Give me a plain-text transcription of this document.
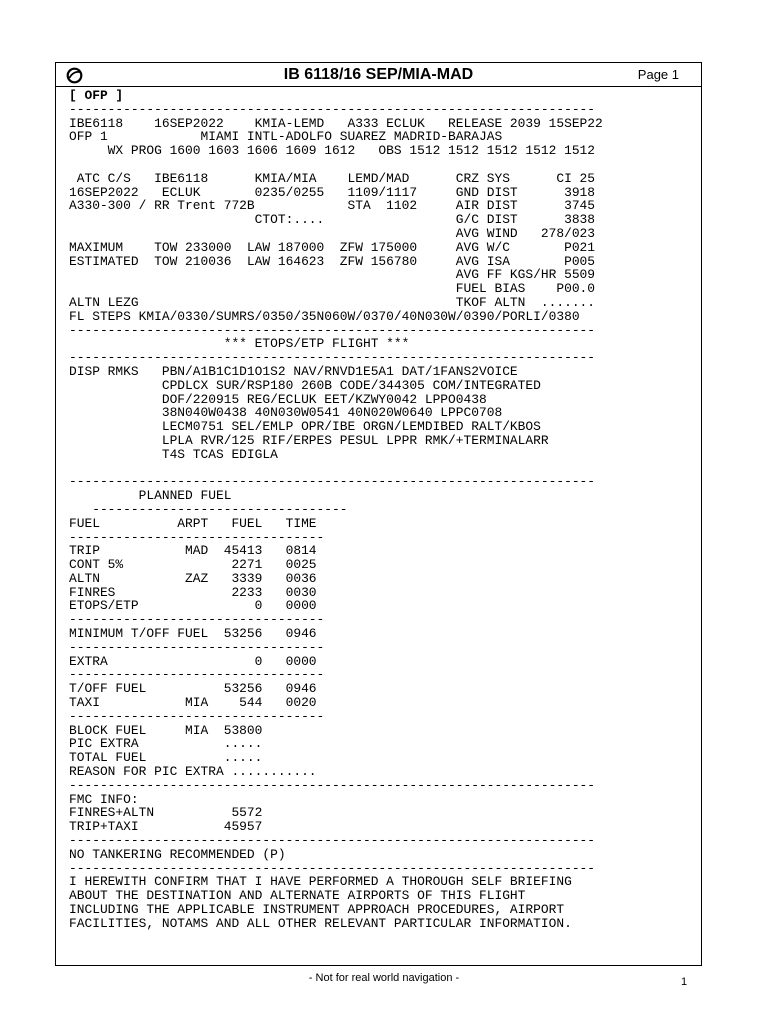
IB 6118/16 SEP/MIA-MAD	Page 1
[ OFP ]
--------------------------------------------------------------------
IBE6118    16SEP2022    KMIA-LEMD   A333 ECLUK   RELEASE 2039 15SEP22
OFP 1            MIAMI INTL-ADOLFO SUAREZ MADRID-BARAJAS
WX PROG 1600 1603 1606 1609 1612   OBS 1512 1512 1512 1512 1512

ATC C/S   IBE6118      KMIA/MIA    LEMD/MAD      CRZ SYS      CI 25
16SEP2022   ECLUK       0235/0255   1109/1117     GND DIST      3918
A330-300 / RR Trent 772B            STA  1102     AIR DIST      3745
CTOT:....                 G/C DIST      3838
AVG WIND   278/023
MAXIMUM    TOW 233000  LAW 187000  ZFW 175000     AVG W/C       P021
ESTIMATED  TOW 210036  LAW 164623  ZFW 156780     AVG ISA       P005
AVG FF KGS/HR 5509
FUEL BIAS    P00.0
ALTN LEZG                                         TKOF ALTN  .......
FL STEPS KMIA/0330/SUMRS/0350/35N060W/0370/40N030W/0390/PORLI/0380
--------------------------------------------------------------------
*** ETOPS/ETP FLIGHT ***
--------------------------------------------------------------------
DISP RMKS   PBN/A1B1C1D1O1S2 NAV/RNVD1E5A1 DAT/1FANS2VOICE
CPDLCX SUR/RSP180 260B CODE/344305 COM/INTEGRATED
DOF/220915 REG/ECLUK EET/KZWY0042 LPPO0438
38N040W0438 40N030W0541 40N020W0640 LPPC0708
LECM0751 SEL/EMLP OPR/IBE ORGN/LEMDIBED RALT/KBOS
LPLA RVR/125 RIF/ERPES PESUL LPPR RMK/+TERMINALARR
T4S TCAS EDIGLA

--------------------------------------------------------------------
PLANNED FUEL
---------------------------------
FUEL          ARPT   FUEL   TIME
---------------------------------
TRIP           MAD  45413   0814
CONT 5%              2271   0025
ALTN           ZAZ   3339   0036
FINRES               2233   0030
ETOPS/ETP               0   0000
---------------------------------
MINIMUM T/OFF FUEL  53256   0946
---------------------------------
EXTRA                   0   0000
---------------------------------
T/OFF FUEL          53256   0946
TAXI           MIA    544   0020
---------------------------------
BLOCK FUEL     MIA  53800
PIC EXTRA           .....
TOTAL FUEL          .....
REASON FOR PIC EXTRA ...........
--------------------------------------------------------------------
FMC INFO:
FINRES+ALTN          5572
TRIP+TAXI           45957
--------------------------------------------------------------------
NO TANKERING RECOMMENDED (P)
--------------------------------------------------------------------
I HEREWITH CONFIRM THAT I HAVE PERFORMED A THOROUGH SELF BRIEFING
ABOUT THE DESTINATION AND ALTERNATE AIRPORTS OF THIS FLIGHT
INCLUDING THE APPLICABLE INSTRUMENT APPROACH PROCEDURES, AIRPORT
FACILITIES, NOTAMS AND ALL OTHER RELEVANT PARTICULAR INFORMATION.
- Not for real world navigation -	1
